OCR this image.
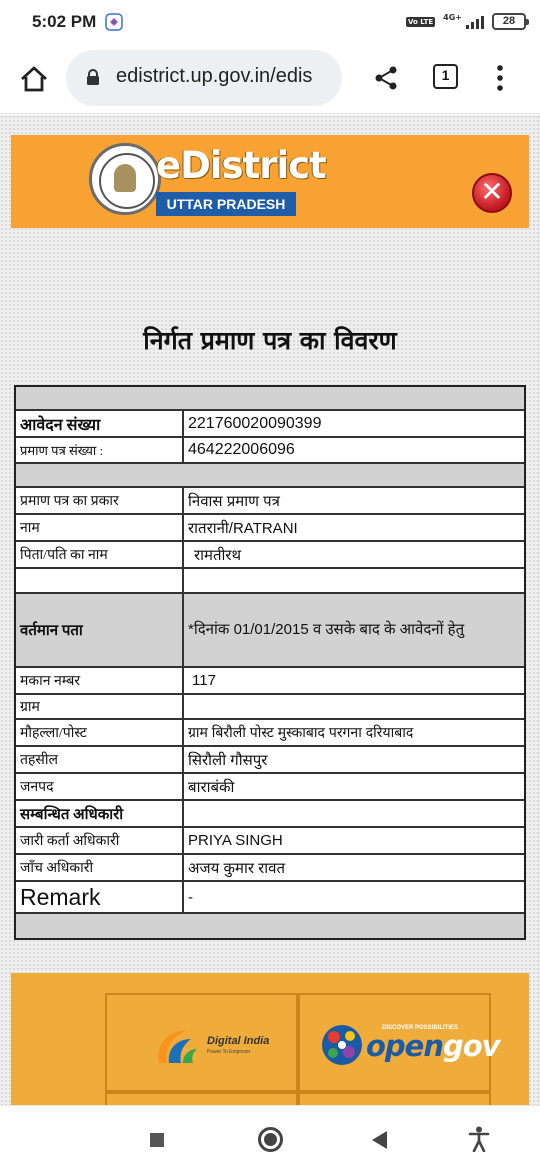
5:02 PM	Vo LTE 4G+	28
edistrict.up.gov.in/edis	1
eDistrict
UTTAR PRADESH	✕
निर्गत प्रमाण पत्र का विवरण
आवेदन संख्या	221760020090399
प्रमाण पत्र संख्या :	464222006096
प्रमाण पत्र का प्रकार	निवास प्रमाण पत्र
नाम	रातरानी/RATRANI
पिता/पति का नाम	रामतीरथ
वर्तमान पता	*दिनांक 01/01/2015 व उसके बाद के आवेदनों हेतु
मकान नम्बर	117
ग्राम
मौहल्ला/पोस्ट	ग्राम बिरौली पोस्ट मुस्काबाद परगना दरियाबाद
तहसील	सिरौली गौसपुर
जनपद	बाराबंकी
सम्बन्धित अधिकारी
जारी कर्ता अधिकारी	PRIYA SINGH
जाँच अधिकारी	अजय कुमार रावत
Remark	-
Digital India
Power To Empower
DISCOVER POSSIBILITIES
opengov
